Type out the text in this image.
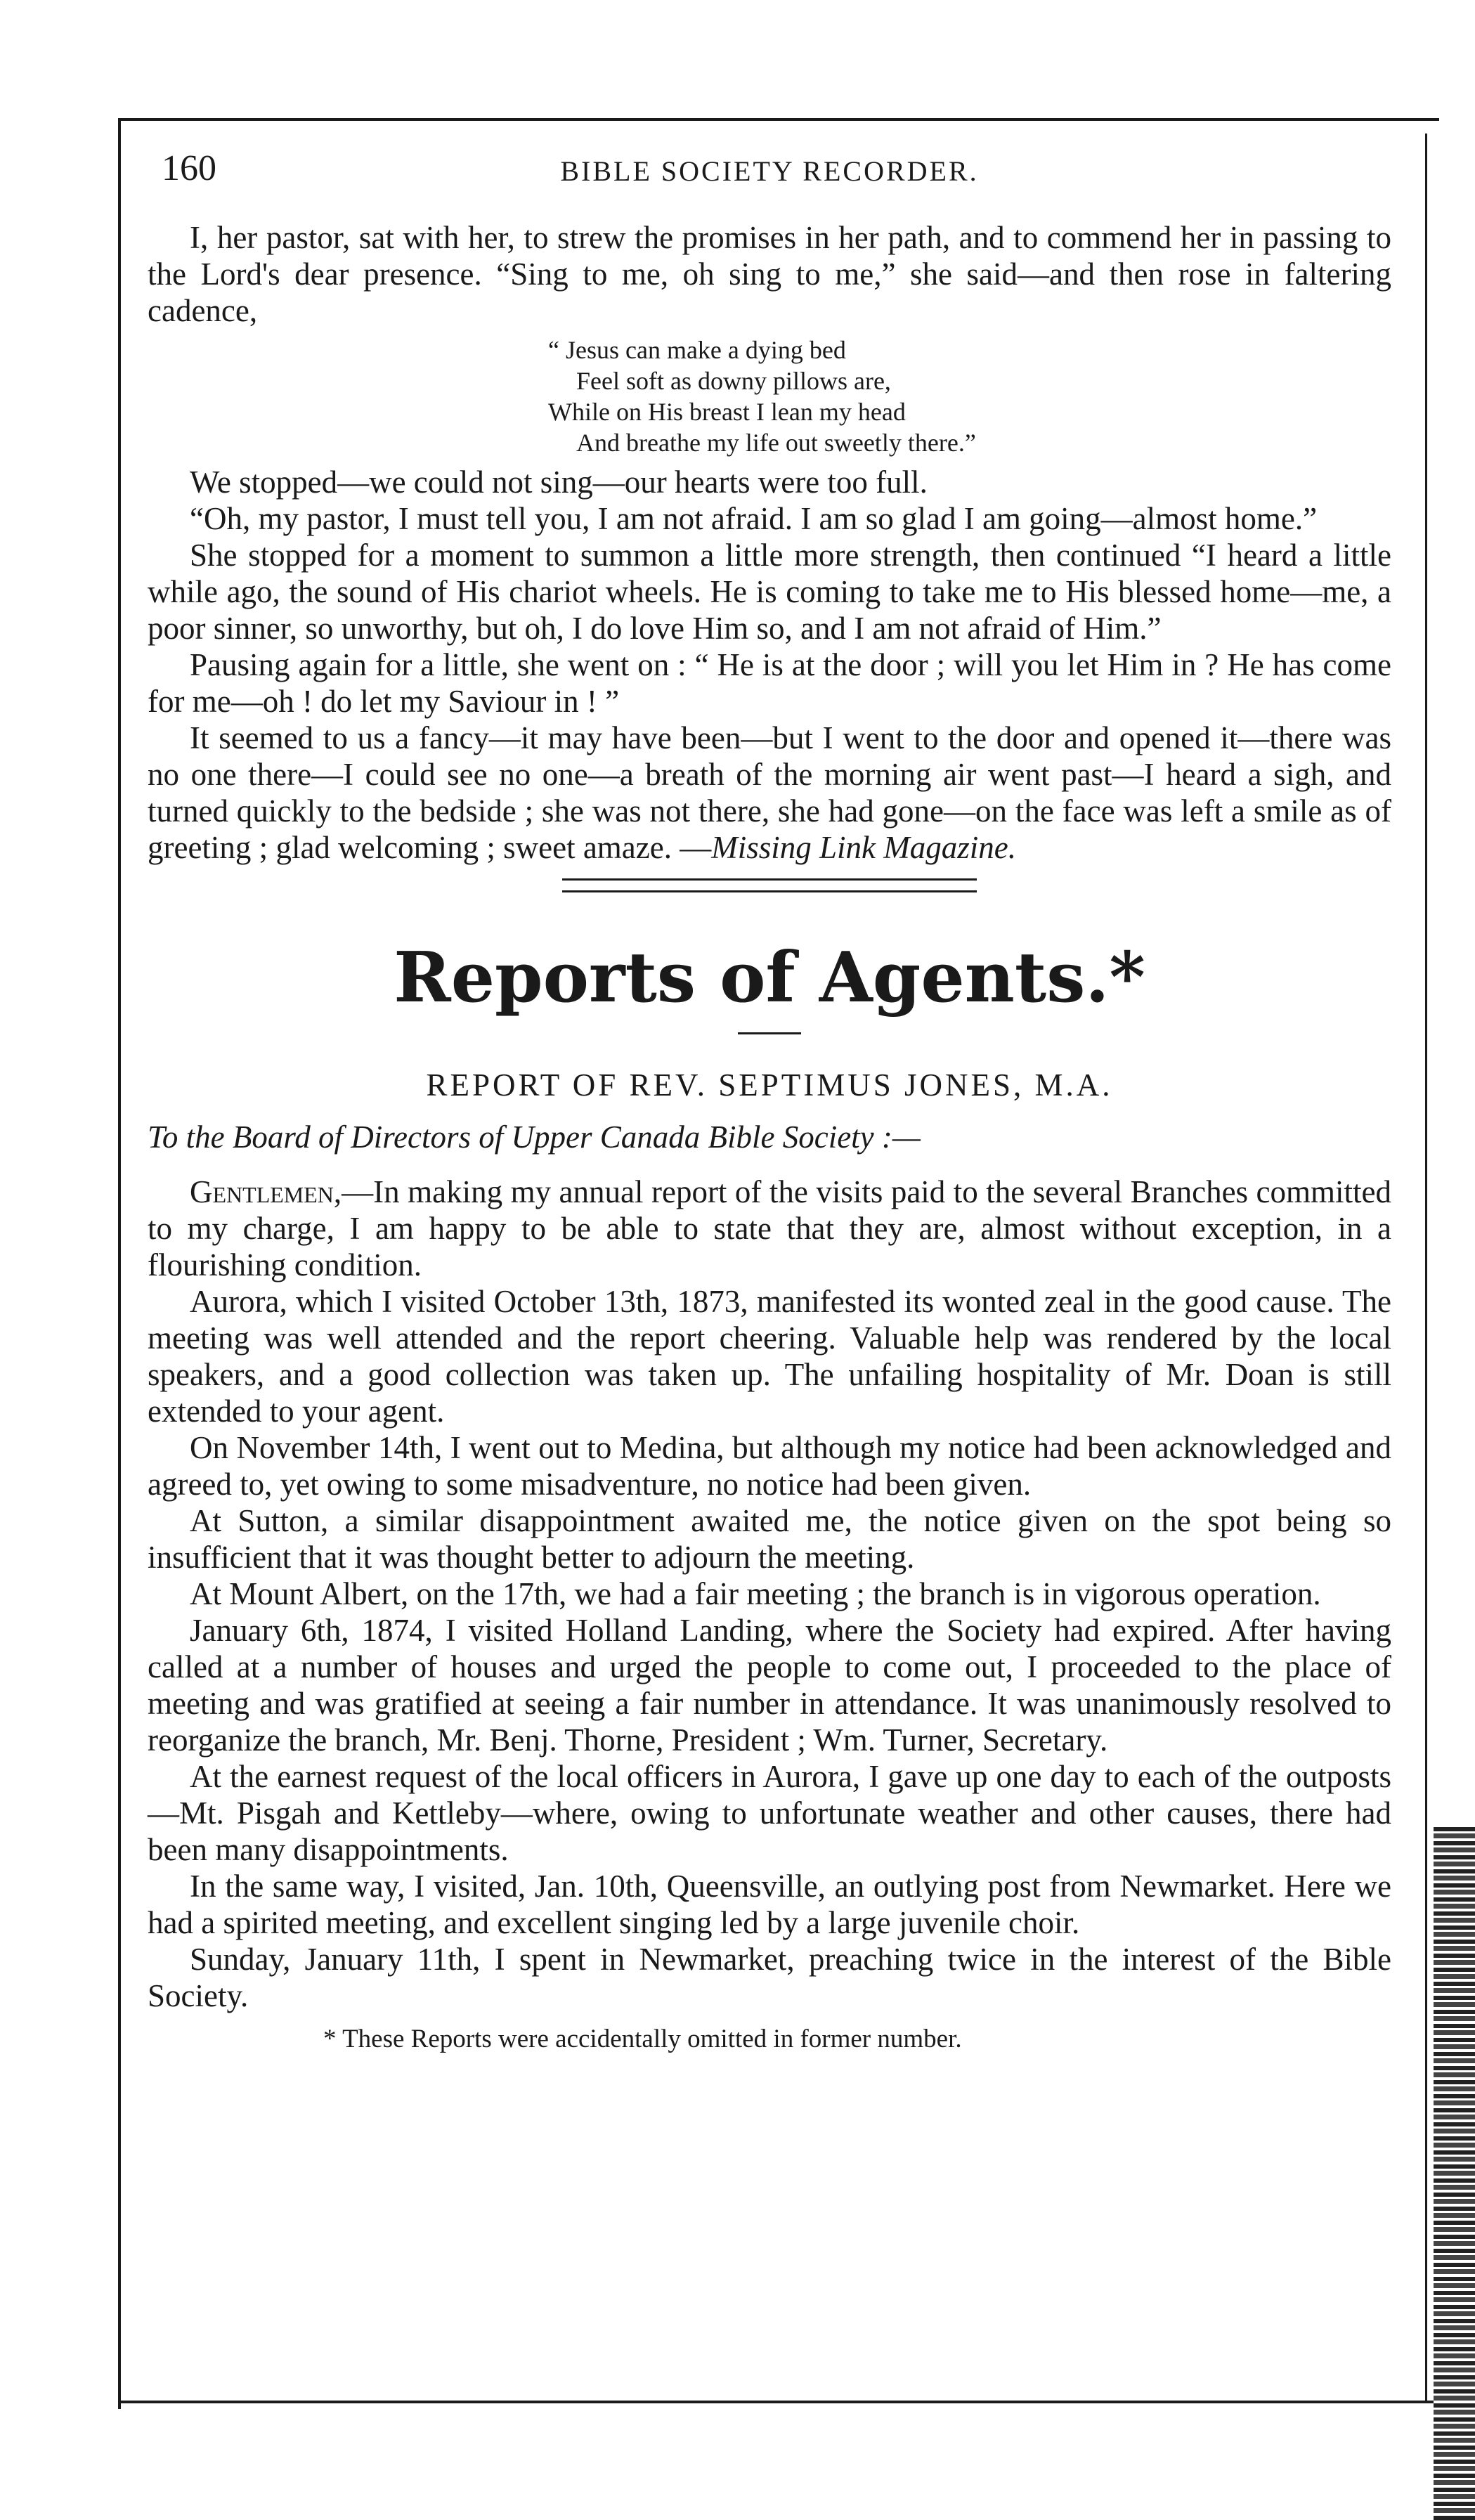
160	BIBLE SOCIETY RECORDER.

I, her pastor, sat with her, to strew the promises in her path, and to commend her in passing to the Lord's dear presence. “Sing to me, oh sing to me,” she said—and then rose in faltering cadence,

“ Jesus can make a dying bed
Feel soft as downy pillows are,
While on His breast I lean my head
And breathe my life out sweetly there.”

We stopped—we could not sing—our hearts were too full.

“Oh, my pastor, I must tell you, I am not afraid. I am so glad I am going—almost home.”

She stopped for a moment to summon a little more strength, then continued “I heard a little while ago, the sound of His chariot wheels. He is coming to take me to His blessed home—me, a poor sinner, so unworthy, but oh, I do love Him so, and I am not afraid of Him.”

Pausing again for a little, she went on : “ He is at the door ; will you let Him in ? He has come for me—oh ! do let my Saviour in ! ”

It seemed to us a fancy—it may have been—but I went to the door and opened it—there was no one there—I could see no one—a breath of the morning air went past—I heard a sigh, and turned quickly to the bedside ; she was not there, she had gone—on the face was left a smile as of greeting ; glad welcoming ; sweet amaze. —Missing Link Magazine.

Reports of Agents.*
REPORT OF REV. SEPTIMUS JONES, M.A.

To the Board of Directors of Upper Canada Bible Society :—

Gentlemen,—In making my annual report of the visits paid to the several Branches committed to my charge, I am happy to be able to state that they are, almost without exception, in a flourishing condition.

Aurora, which I visited October 13th, 1873, manifested its wonted zeal in the good cause. The meeting was well attended and the report cheering. Valuable help was rendered by the local speakers, and a good collection was taken up. The unfailing hospitality of Mr. Doan is still extended to your agent.

On November 14th, I went out to Medina, but although my notice had been acknowledged and agreed to, yet owing to some misadventure, no notice had been given.

At Sutton, a similar disappointment awaited me, the notice given on the spot being so insufficient that it was thought better to adjourn the meeting.

At Mount Albert, on the 17th, we had a fair meeting ; the branch is in vigorous operation.

January 6th, 1874, I visited Holland Landing, where the Society had expired. After having called at a number of houses and urged the people to come out, I proceeded to the place of meeting and was gratified at seeing a fair number in attendance. It was unanimously resolved to reorganize the branch, Mr. Benj. Thorne, President ; Wm. Turner, Secretary.

At the earnest request of the local officers in Aurora, I gave up one day to each of the outposts—Mt. Pisgah and Kettleby—where, owing to unfortunate weather and other causes, there had been many disappointments.

In the same way, I visited, Jan. 10th, Queensville, an outlying post from Newmarket. Here we had a spirited meeting, and excellent singing led by a large juvenile choir.

Sunday, January 11th, I spent in Newmarket, preaching twice in the interest of the Bible Society.

* These Reports were accidentally omitted in former number.
